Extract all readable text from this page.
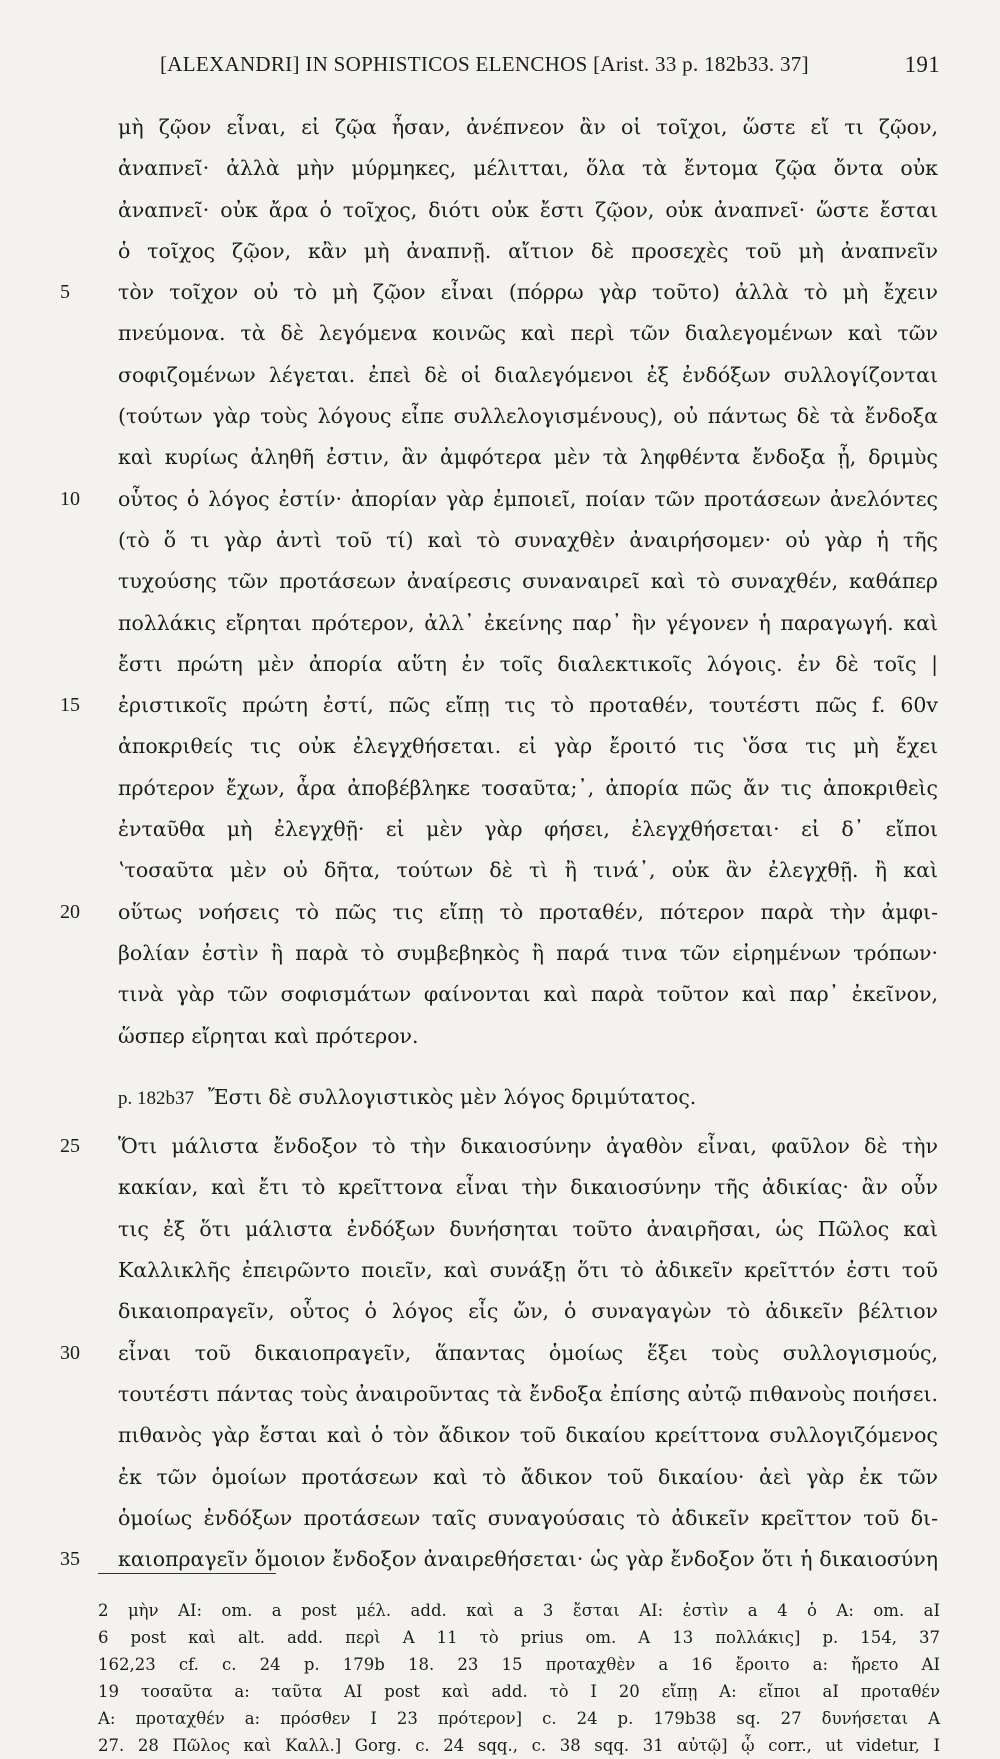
[ALEXANDRI] IN SOPHISTICOS ELENCHOS [Arist. 33 p. 182b33. 37]	191
μὴ ζῷον εἶναι, εἰ ζῷα ἦσαν, ἀνέπνεον ἂν οἱ τοῖχοι, ὥστε εἴ τι ζῷον,
ἀναπνεῖ· ἀλλὰ μὴν μύρμηκες, μέλιτται, ὅλα τὰ ἔντομα ζῷα ὄντα οὐκ
ἀναπνεῖ· οὐκ ἄρα ὁ τοῖχος, διότι οὐκ ἔστι ζῷον, οὐκ ἀναπνεῖ· ὥστε ἔσται
ὁ τοῖχος ζῷον, κἂν μὴ ἀναπνῇ. αἴτιον δὲ προσεχὲς τοῦ μὴ ἀναπνεῖν
5	τὸν τοῖχον οὐ τὸ μὴ ζῷον εἶναι (πόρρω γὰρ τοῦτο) ἀλλὰ τὸ μὴ ἔχειν
πνεύμονα. τὰ δὲ λεγόμενα κοινῶς καὶ περὶ τῶν διαλεγομένων καὶ τῶν
σοφιζομένων λέγεται. ἐπεὶ δὲ οἱ διαλεγόμενοι ἐξ ἐνδόξων συλλογίζονται
(τούτων γὰρ τοὺς λόγους εἶπε συλλελογισμένους), οὐ πάντως δὲ τὰ ἔνδοξα
καὶ κυρίως ἀληθῆ ἐστιν, ἂν ἀμφότερα μὲν τὰ ληφθέντα ἔνδοξα ᾖ, δριμὺς
10	οὗτος ὁ λόγος ἐστίν· ἀπορίαν γὰρ ἐμποιεῖ, ποίαν τῶν προτάσεων ἀνελόντες
(τὸ ὅ τι γὰρ ἀντὶ τοῦ τί) καὶ τὸ συναχθὲν ἀναιρήσομεν· οὐ γὰρ ἡ τῆς
τυχούσης τῶν προτάσεων ἀναίρεσις συναναιρεῖ καὶ τὸ συναχθέν, καθάπερ
πολλάκις εἴρηται πρότερον, ἀλλ᾽ ἐκείνης παρ᾽ ἣν γέγονεν ἡ παραγωγή. καὶ
ἔστι πρώτη μὲν ἀπορία αὕτη ἐν τοῖς διαλεκτικοῖς λόγοις. ἐν δὲ τοῖς |
15	ἐριστικοῖς πρώτη ἐστί, πῶς εἴπῃ τις τὸ προταθέν, τουτέστι πῶς f. 60v
ἀποκριθείς τις οὐκ ἐλεγχθήσεται. εἰ γὰρ ἔροιτό τις ʽὅσα τις μὴ ἔχει
πρότερον ἔχων, ἆρα ἀποβέβληκε τοσαῦτα;᾽, ἀπορία πῶς ἄν τις ἀποκριθεὶς
ἐνταῦθα μὴ ἐλεγχθῇ· εἰ μὲν γὰρ φήσει, ἐλεγχθήσεται· εἰ δ᾽ εἴποι
ʽτοσαῦτα μὲν οὐ δῆτα, τούτων δὲ τὶ ἢ τινά᾽, οὐκ ἂν ἐλεγχθῇ. ἢ καὶ
20	οὕτως νοήσεις τὸ πῶς τις εἴπῃ τὸ προταθέν, πότερον παρὰ τὴν ἀμφι-
βολίαν ἐστὶν ἢ παρὰ τὸ συμβεβηκὸς ἢ παρά τινα τῶν εἰρημένων τρόπων·
τινὰ γὰρ τῶν σοφισμάτων φαίνονται καὶ παρὰ τοῦτον καὶ παρ᾽ ἐκεῖνον,
ὥσπερ εἴρηται καὶ πρότερον.
p. 182b37 Ἔστι δὲ συλλογιστικὸς μὲν λόγος δριμύτατος.
25	Ὅτι μάλιστα ἔνδοξον τὸ τὴν δικαιοσύνην ἀγαθὸν εἶναι, φαῦλον δὲ τὴν
κακίαν, καὶ ἔτι τὸ κρεῖττονα εἶναι τὴν δικαιοσύνην τῆς ἀδικίας· ἂν οὖν
τις ἐξ ὅτι μάλιστα ἐνδόξων δυνήσηται τοῦτο ἀναιρῆσαι, ὡς Πῶλος καὶ
Καλλικλῆς ἐπειρῶντο ποιεῖν, καὶ συνάξῃ ὅτι τὸ ἀδικεῖν κρεῖττόν ἐστι τοῦ
δικαιοπραγεῖν, οὗτος ὁ λόγος εἷς ὤν, ὁ συναγαγὼν τὸ ἀδικεῖν βέλτιον
30	εἶναι τοῦ δικαιοπραγεῖν, ἅπαντας ὁμοίως ἕξει τοὺς συλλογισμούς,
τουτέστι πάντας τοὺς ἀναιροῦντας τὰ ἔνδοξα ἐπίσης αὐτῷ πιθανοὺς ποιήσει.
πιθανὸς γὰρ ἔσται καὶ ὁ τὸν ἄδικον τοῦ δικαίου κρείττονα συλλογιζόμενος
ἐκ τῶν ὁμοίων προτάσεων καὶ τὸ ἄδικον τοῦ δικαίου· ἀεὶ γὰρ ἐκ τῶν
ὁμοίως ἐνδόξων προτάσεων ταῖς συναγούσαις τὸ ἀδικεῖν κρεῖττον τοῦ δι-
35	καιοπραγεῖν ὅμοιον ἔνδοξον ἀναιρεθήσεται· ὡς γὰρ ἔνδοξον ὅτι ἡ δικαιοσύνη
2 μὴν AI: om. a post μέλ. add. καὶ a 3 ἔσται AI: ἐστὶν a 4 ὁ A: om. aI
6 post καὶ alt. add. περὶ A 11 τὸ prius om. A 13 πολλάκις] p. 154, 37
162,23 cf. c. 24 p. 179b 18. 23 15 προταχθὲν a 16 ἔροιτο a: ἤρετο AI
19 τοσαῦτα a: ταῦτα AI post καὶ add. τὸ I 20 εἴπῃ A: εἴποι aI προταθέν
A: προταχθέν a: πρόσθεν I 23 πρότερον] c. 24 p. 179b38 sq. 27 δυνήσεται A
27. 28 Πῶλος καὶ Καλλ.] Gorg. c. 24 sqq., c. 38 sqq. 31 αὐτῷ] ᾧ corr., ut videtur, I
